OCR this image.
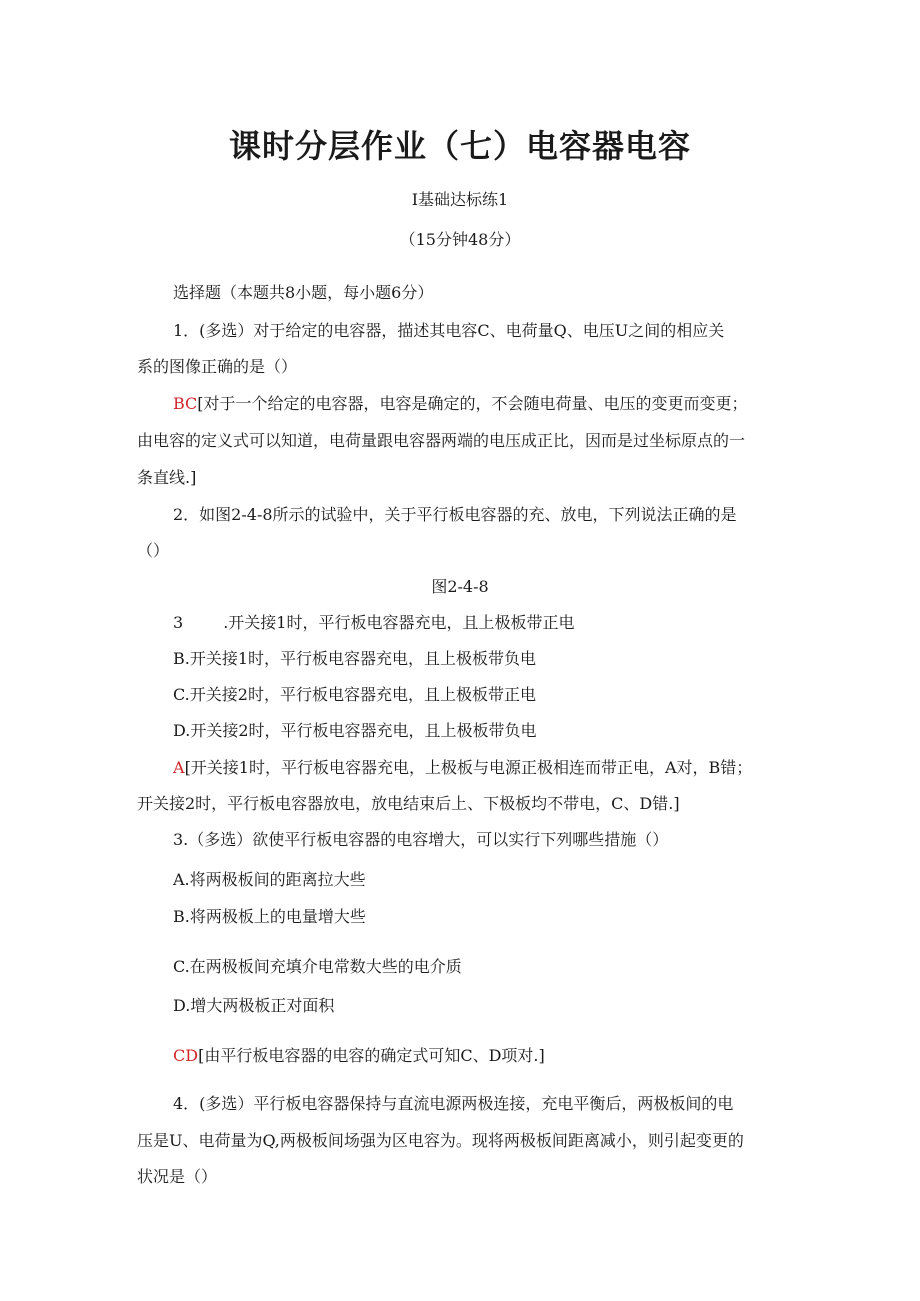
课时分层作业（七）电容器电容

I基础达标练1

（15分钟48分）

选择题（本题共8小题，每小题6分）

1．(多选）对于给定的电容器，描述其电容C、电荷量Q、电压U之间的相应关

系的图像正确的是（）

BC[对于一个给定的电容器，电容是确定的，不会随电荷量、电压的变更而变更；

由电容的定义式可以知道，电荷量跟电容器两端的电压成正比，因而是过坐标原点的一

条直线.]

2．如图2-4-8所示的试验中，关于平行板电容器的充、放电，下列说法正确的是

（）

图2-4-8

3	.开关接1时，平行板电容器充电，且上极板带正电

B.开关接1时，平行板电容器充电，且上极板带负电

C.开关接2时，平行板电容器充电，且上极板带正电

D.开关接2时，平行板电容器充电，且上极板带负电

A[开关接1时，平行板电容器充电，上极板与电源正极相连而带正电，A对，B错；

开关接2时，平行板电容器放电，放电结束后上、下极板均不带电，C、D错.]

3.（多选）欲使平行板电容器的电容增大，可以实行下列哪些措施（）

A.将两极板间的距离拉大些

B.将两极板上的电量增大些

C.在两极板间充填介电常数大些的电介质

D.增大两极板正对面积

CD[由平行板电容器的电容的确定式可知C、D项对.]

4．(多选）平行板电容器保持与直流电源两极连接，充电平衡后，两极板间的电

压是U、电荷量为Q,两极板间场强为区电容为。现将两极板间距离减小，则引起变更的

状况是（）
